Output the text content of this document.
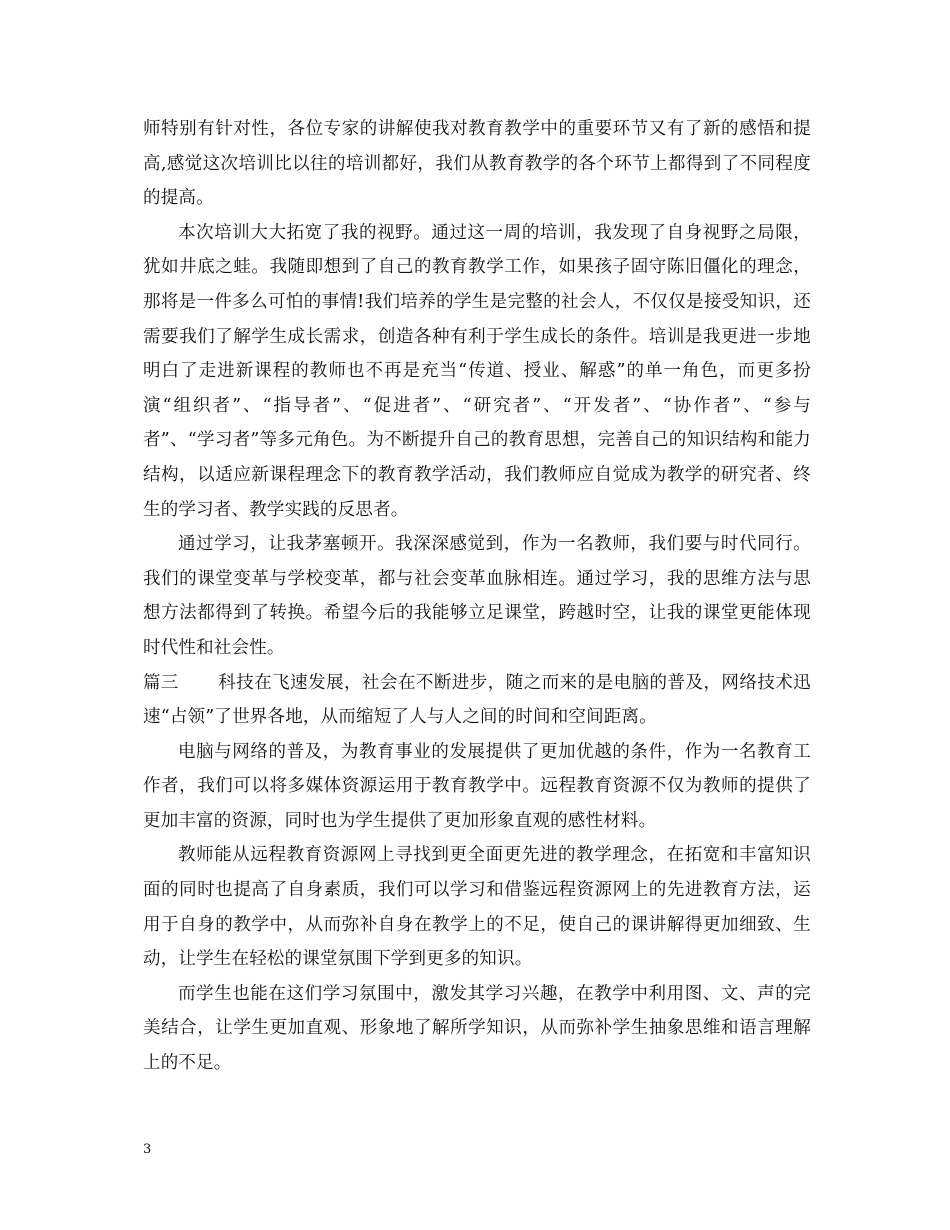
师特别有针对性，各位专家的讲解使我对教育教学中的重要环节又有了新的感悟和提高,感觉这次培训比以往的培训都好，我们从教育教学的各个环节上都得到了不同程度的提高。

本次培训大大拓宽了我的视野。通过这一周的培训，我发现了自身视野之局限，犹如井底之蛙。我随即想到了自己的教育教学工作，如果孩子固守陈旧僵化的理念，那将是一件多么可怕的事情!我们培养的学生是完整的社会人，不仅仅是接受知识，还需要我们了解学生成长需求，创造各种有利于学生成长的条件。培训是我更进一步地明白了走进新课程的教师也不再是充当“传道、授业、解惑”的单一角色，而更多扮演“组织者”、“指导者”、“促进者”、“研究者”、“开发者”、“协作者”、“参与者”、“学习者”等多元角色。为不断提升自己的教育思想，完善自己的知识结构和能力结构，以适应新课程理念下的教育教学活动，我们教师应自觉成为教学的研究者、终生的学习者、教学实践的反思者。

通过学习，让我茅塞顿开。我深深感觉到，作为一名教师，我们要与时代同行。我们的课堂变革与学校变革，都与社会变革血脉相连。通过学习，我的思维方法与思想方法都得到了转换。希望今后的我能够立足课堂，跨越时空，让我的课堂更能体现时代性和社会性。

篇三 科技在飞速发展，社会在不断进步，随之而来的是电脑的普及，网络技术迅速“占领”了世界各地，从而缩短了人与人之间的时间和空间距离。

电脑与网络的普及，为教育事业的发展提供了更加优越的条件，作为一名教育工作者，我们可以将多媒体资源运用于教育教学中。远程教育资源不仅为教师的提供了更加丰富的资源，同时也为学生提供了更加形象直观的感性材料。

教师能从远程教育资源网上寻找到更全面更先进的教学理念，在拓宽和丰富知识面的同时也提高了自身素质，我们可以学习和借鉴远程资源网上的先进教育方法，运用于自身的教学中，从而弥补自身在教学上的不足，使自己的课讲解得更加细致、生动，让学生在轻松的课堂氛围下学到更多的知识。

而学生也能在这们学习氛围中，激发其学习兴趣，在教学中利用图、文、声的完美结合，让学生更加直观、形象地了解所学知识，从而弥补学生抽象思维和语言理解上的不足。

3
